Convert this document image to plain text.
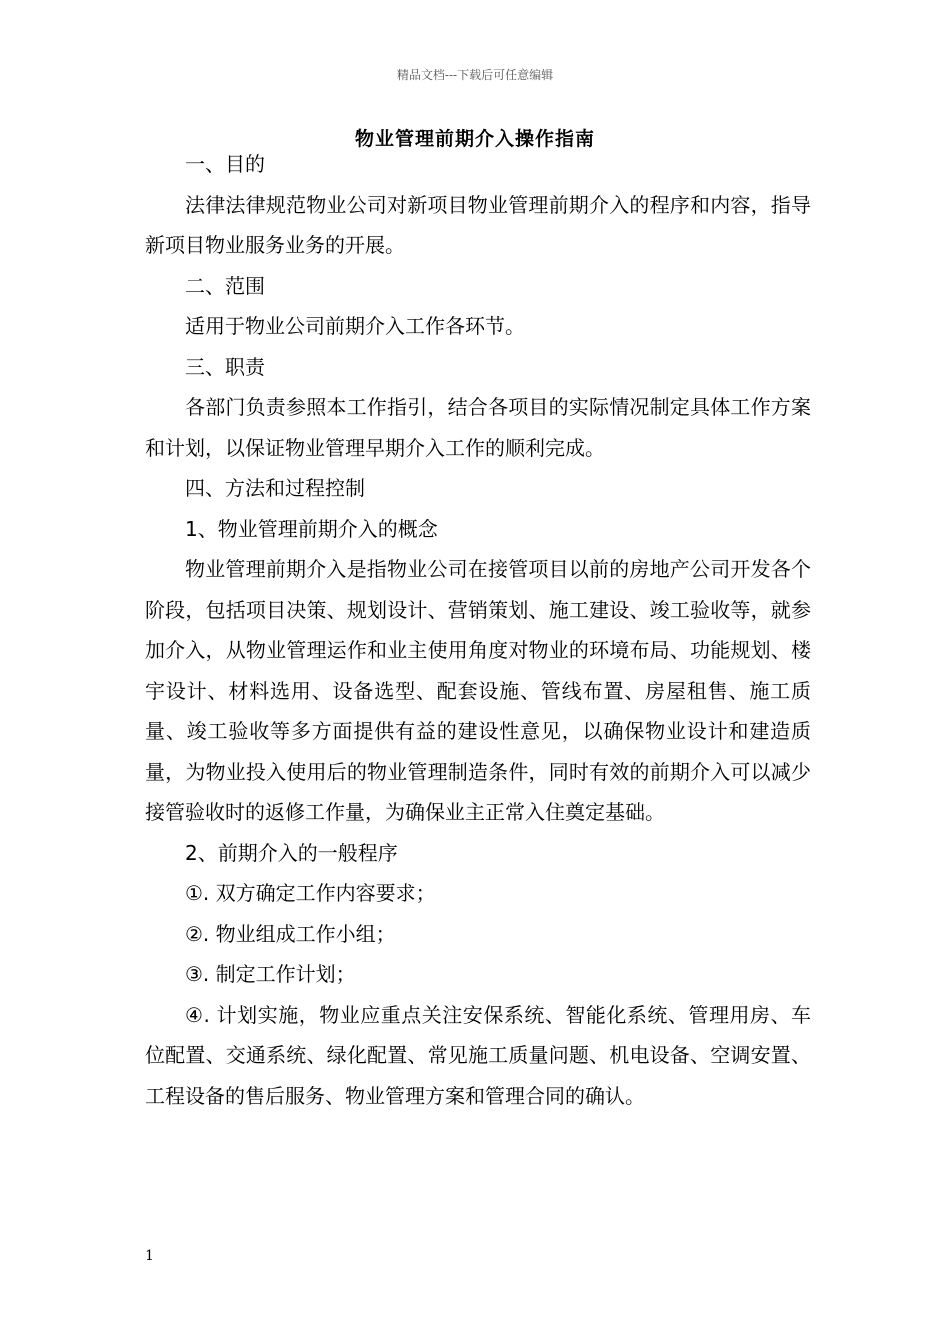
精品文档---下载后可任意编辑
物业管理前期介入操作指南

一、目的

法律法律规范物业公司对新项目物业管理前期介入的程序和内容，指导新项目物业服务业务的开展。

二、范围

适用于物业公司前期介入工作各环节。

三、职责

各部门负责参照本工作指引，结合各项目的实际情况制定具体工作方案和计划，以保证物业管理早期介入工作的顺利完成。

四、方法和过程控制

1、物业管理前期介入的概念

物业管理前期介入是指物业公司在接管项目以前的房地产公司开发各个阶段，包括项目决策、规划设计、营销策划、施工建设、竣工验收等，就参加介入，从物业管理运作和业主使用角度对物业的环境布局、功能规划、楼宇设计、材料选用、设备选型、配套设施、管线布置、房屋租售、施工质量、竣工验收等多方面提供有益的建设性意见，以确保物业设计和建造质量，为物业投入使用后的物业管理制造条件，同时有效的前期介入可以减少接管验收时的返修工作量，为确保业主正常入住奠定基础。

2、前期介入的一般程序

①. 双方确定工作内容要求；

②. 物业组成工作小组；

③. 制定工作计划；

④. 计划实施，物业应重点关注安保系统、智能化系统、管理用房、车位配置、交通系统、绿化配置、常见施工质量问题、机电设备、空调安置、工程设备的售后服务、物业管理方案和管理合同的确认。

1
